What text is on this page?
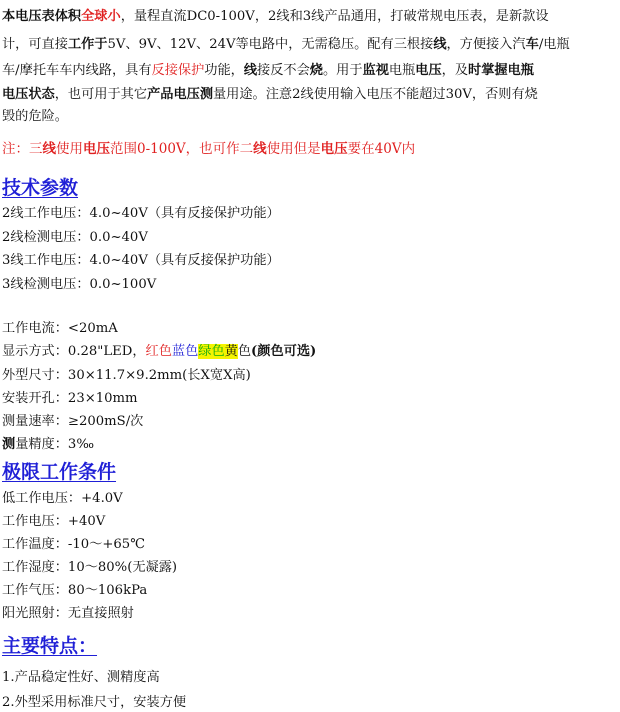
本电压表体积全球小，量程直流DC0-100V，2线和3线产品通用，打破常规电压表，是新款设
计，可直接工作于5V、9V、12V、24V等电路中，无需稳压。配有三根接线，方便接入汽车/电瓶
车/摩托车车内线路，具有反接保护功能，线接反不会烧。用于监视电瓶电压，及时掌握电瓶
电压状态，也可用于其它产品电压测量用途。注意2线使用输入电压不能超过30V，否则有烧
毁的危险。
注：三线使用电压范围0-100V，也可作二线使用但是电压要在40V内
技术参数
2线工作电压：4.0~40V（具有反接保护功能）
2线检测电压：0.0~40V
3线工作电压：4.0~40V（具有反接保护功能）
3线检测电压：0.0~100V
工作电流：<20mA
显示方式：0.28"LED，红色蓝色绿色黄色(颜色可选)
外型尺寸：30×11.7×9.2mm(长X宽X高)
安装开孔：23×10mm
测量速率：≥200mS/次
测量精度：3‰
极限工作条件
低工作电压：+4.0V
工作电压：+40V
工作温度：-10～+65℃
工作湿度：10～80%(无凝露)
工作气压：80～106kPa
阳光照射：无直接照射
主要特点：
1.产品稳定性好、测精度高
2.外型采用标准尺寸，安装方便
